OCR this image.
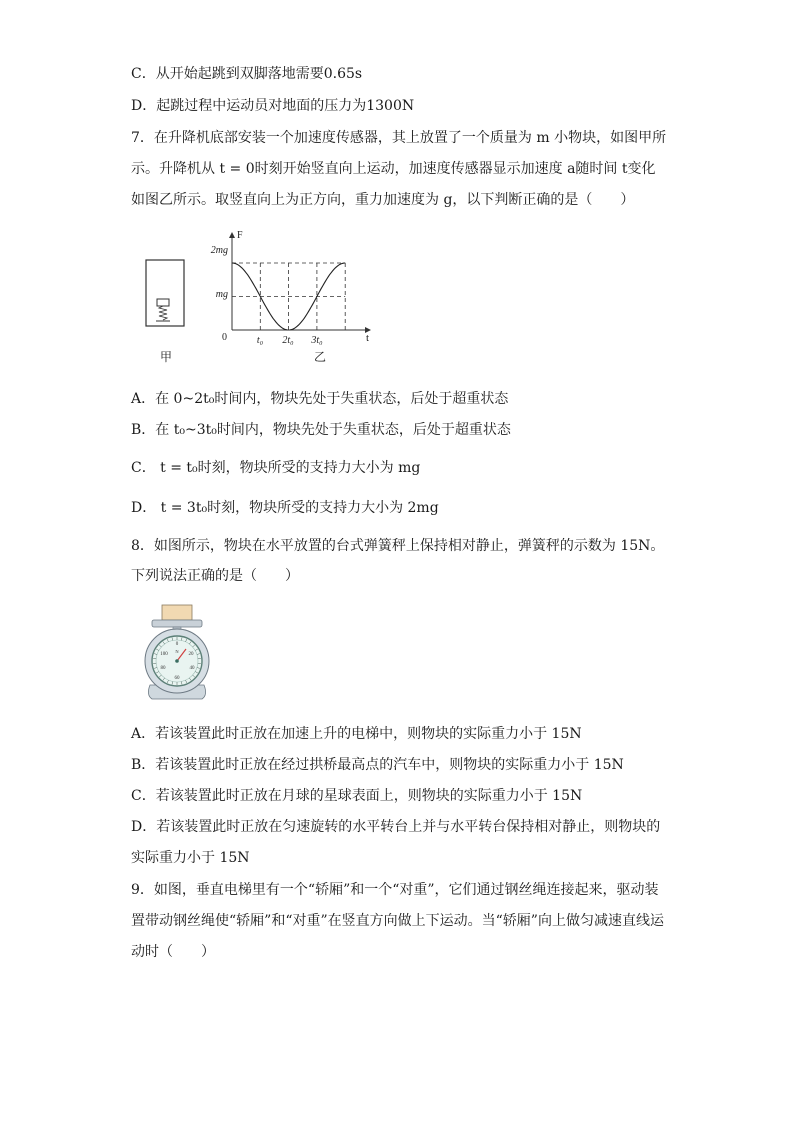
C．从开始起跳到双脚落地需要0.65s
D．起跳过程中运动员对地面的压力为1300N
7．在升降机底部安装一个加速度传感器，其上放置了一个质量为 m 小物块，如图甲所
示。升降机从 t = 0时刻开始竖直向上运动，加速度传感器显示加速度 a随时间 t变化
如图乙所示。取竖直向上为正方向，重力加速度为 g，以下判断正确的是（　　）
甲
F
t
0
2mg
mg
t₀ 2t₀ 3t₀
乙
A．在 0~2t₀时间内，物块先处于失重状态，后处于超重状态
B．在 t₀~3t₀时间内，物块先处于失重状态，后处于超重状态
C． t = t₀时刻，物块所受的支持力大小为 mg
D． t = 3t₀时刻，物块所受的支持力大小为 2mg
8．如图所示，物块在水平放置的台式弹簧秤上保持相对静止，弹簧秤的示数为 15N。
下列说法正确的是（　　）
0
20
40
60
80
100
N
A．若该装置此时正放在加速上升的电梯中，则物块的实际重力小于 15N
B．若该装置此时正放在经过拱桥最高点的汽车中，则物块的实际重力小于 15N
C．若该装置此时正放在月球的星球表面上，则物块的实际重力小于 15N
D．若该装置此时正放在匀速旋转的水平转台上并与水平转台保持相对静止，则物块的
实际重力小于 15N
9．如图，垂直电梯里有一个“轿厢”和一个“对重”，它们通过钢丝绳连接起来，驱动装
置带动钢丝绳使“轿厢”和“对重”在竖直方向做上下运动。当“轿厢”向上做匀减速直线运
动时（　　）
